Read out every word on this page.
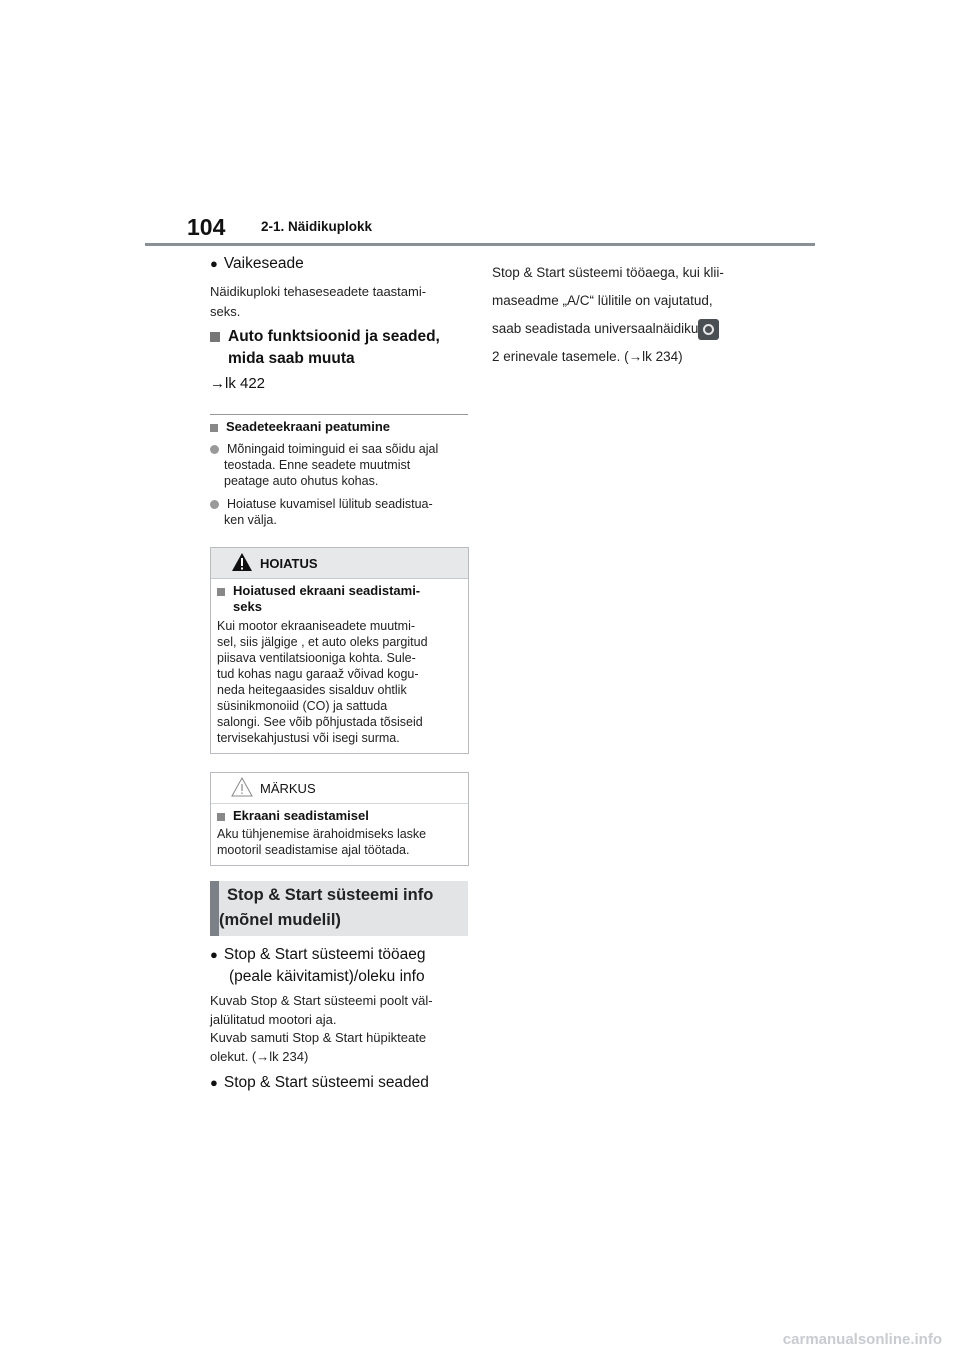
104	2-1. Näidikuplokk
● Vaikeseade
Näidikuploki tehaseseadete taastami-
seks.
Auto funktsioonid ja seaded,
mida saab muuta
→lk 422
Seadeteekraani peatumine
Mõningaid toiminguid ei saa sõidu ajal
teostada. Enne seadete muutmist
peatage auto ohutus kohas.
Hoiatuse kuvamisel lülitub seadistua-
ken välja.
HOIATUS
Hoiatused ekraani seadistami-
seks
Kui mootor ekraaniseadete muutmi-
sel, siis jälgige , et auto oleks pargitud
piisava ventilatsiooniga kohta. Sule-
tud kohas nagu garaaž võivad kogu-
neda heitegaasides sisalduv ohtlik
süsinikmonoiid (CO) ja sattuda
salongi. See võib põhjustada tõsiseid
tervisekahjustusi või isegi surma.
MÄRKUS
Ekraani seadistamisel
Aku tühjenemise ärahoidmiseks laske
mootoril seadistamise ajal töötada.
Stop & Start süsteemi info
(mõnel mudelil)
● Stop & Start süsteemi tööaeg
(peale käivitamist)/oleku info
Kuvab Stop & Start süsteemi poolt väl-
jalülitatud mootori aja.
Kuvab samuti Stop & Start hüpikteate
olekut. (→lk 234)
● Stop & Start süsteemi seaded
Stop & Start süsteemi tööaega, kui klii-
maseadme „A/C“ lülitile on vajutatud,
saab seadistada universaalnäidiku
2 erinevale tasemele. (→lk 234)
carmanualsonline.info
